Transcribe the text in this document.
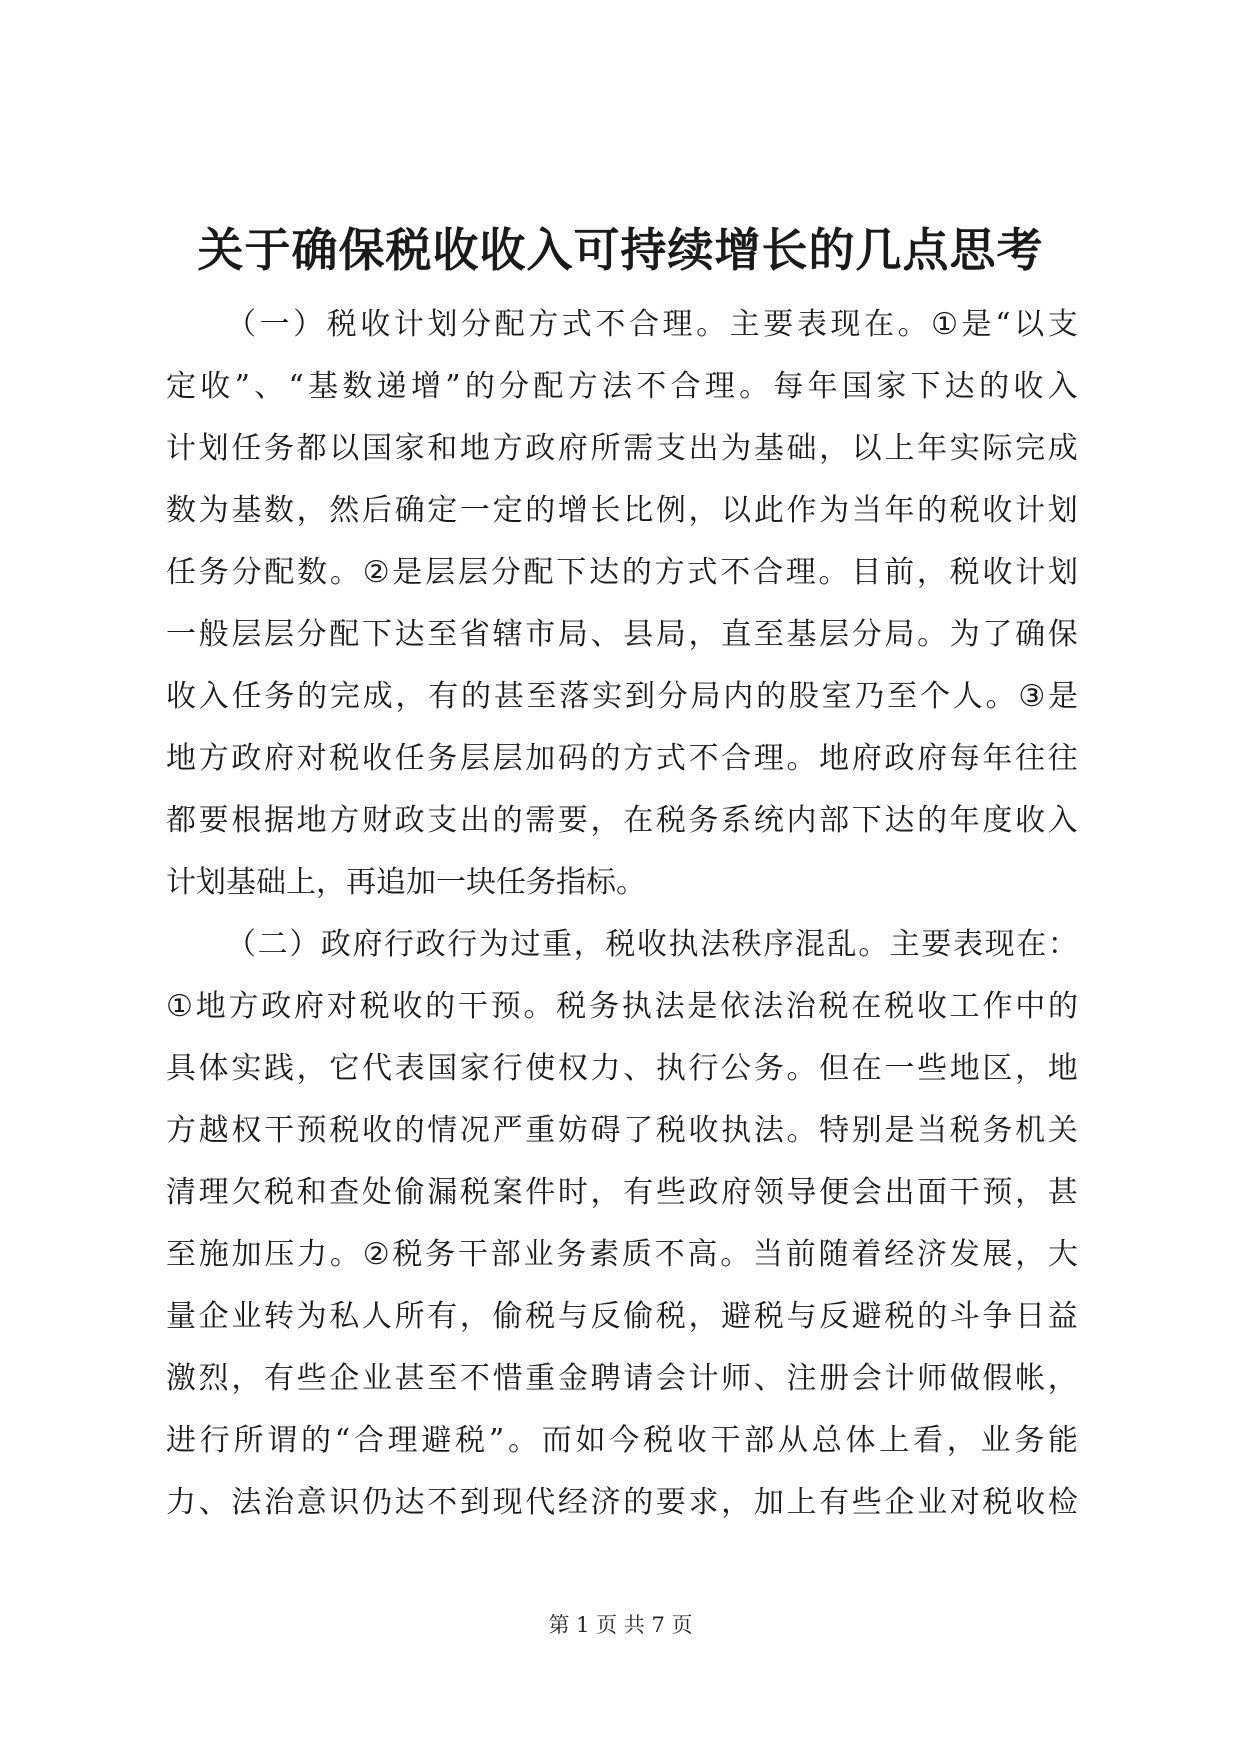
关于确保税收收入可持续增长的几点思考
（ 一 ） 税 收 计 划 分 配 方 式 不 合 理 。 主 要 表 现 在 。 ① 是 “ 以 支
定 收 ” 、 “ 基 数 递 增 ” 的 分 配 方 法 不 合 理 。 每 年 国 家 下 达 的 收 入
计 划 任 务 都 以 国 家 和 地 方 政 府 所 需 支 出 为 基 础 ， 以 上 年 实 际 完 成
数 为 基 数 ， 然 后 确 定 一 定 的 增 长 比 例 ， 以 此 作 为 当 年 的 税 收 计 划
任 务 分 配 数 。 ② 是 层 层 分 配 下 达 的 方 式 不 合 理 。 目 前 ， 税 收 计 划
一 般 层 层 分 配 下 达 至 省 辖 市 局 、 县 局 ， 直 至 基 层 分 局 。 为 了 确 保
收 入 任 务 的 完 成 ， 有 的 甚 至 落 实 到 分 局 内 的 股 室 乃 至 个 人 。 ③ 是
地 方 政 府 对 税 收 任 务 层 层 加 码 的 方 式 不 合 理 。 地 府 政 府 每 年 往 往
都 要 根 据 地 方 财 政 支 出 的 需 要 ， 在 税 务 系 统 内 部 下 达 的 年 度 收 入
计划基础上，再追加一块任务指标。
（ 二 ） 政 府 行 政 行 为 过 重 ， 税 收 执 法 秩 序 混 乱 。 主 要 表 现 在 ：
① 地 方 政 府 对 税 收 的 干 预 。 税 务 执 法 是 依 法 治 税 在 税 收 工 作 中 的
具 体 实 践 ， 它 代 表 国 家 行 使 权 力 、 执 行 公 务 。 但 在 一 些 地 区 ， 地
方 越 权 干 预 税 收 的 情 况 严 重 妨 碍 了 税 收 执 法 。 特 别 是 当 税 务 机 关
清 理 欠 税 和 查 处 偷 漏 税 案 件 时 ， 有 些 政 府 领 导 便 会 出 面 干 预 ， 甚
至 施 加 压 力 。 ② 税 务 干 部 业 务 素 质 不 高 。 当 前 随 着 经 济 发 展 ， 大
量 企 业 转 为 私 人 所 有 ， 偷 税 与 反 偷 税 ， 避 税 与 反 避 税 的 斗 争 日 益
激 烈 ， 有 些 企 业 甚 至 不 惜 重 金 聘 请 会 计 师 、 注 册 会 计 师 做 假 帐 ，
进 行 所 谓 的 “ 合 理 避 税 ” 。 而 如 今 税 收 干 部 从 总 体 上 看 ， 业 务 能
力 、 法 治 意 识 仍 达 不 到 现 代 经 济 的 要 求 ， 加 上 有 些 企 业 对 税 收 检
第 1 页 共 7 页
